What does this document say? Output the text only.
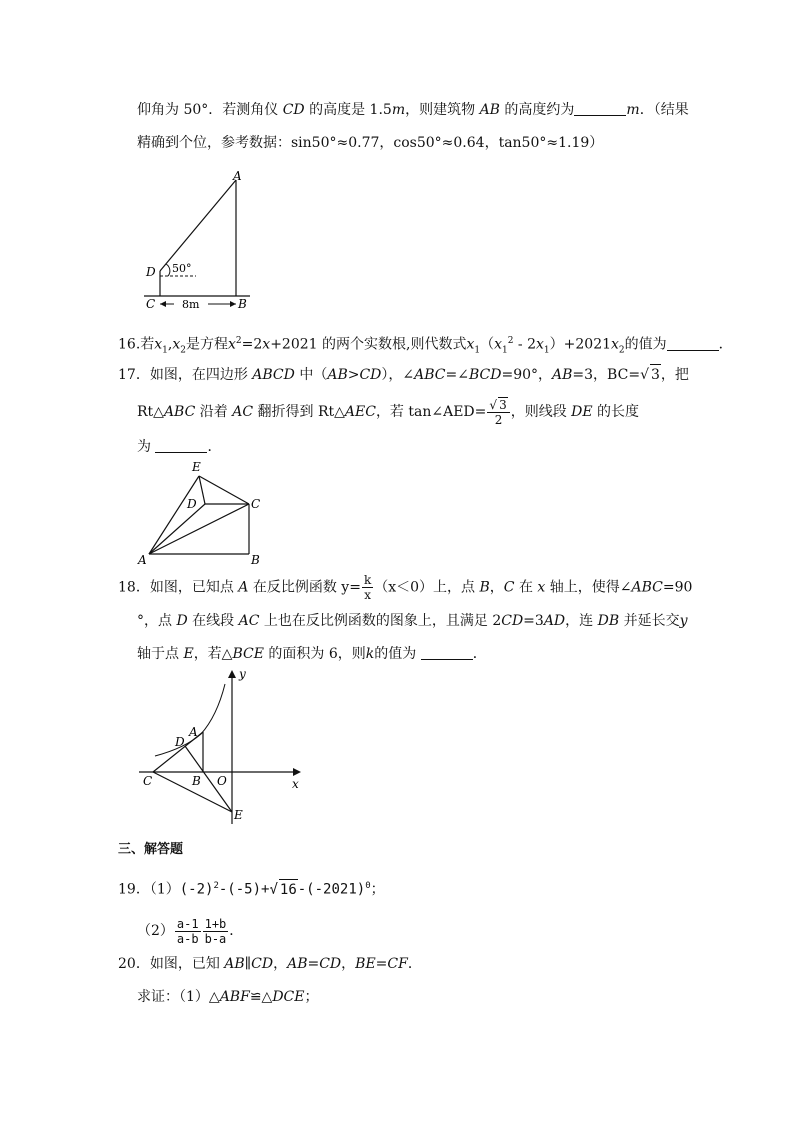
仰角为 50°．若测角仪 CD 的高度是 1.5m，则建筑物 AB 的高度约为	m．（结果
精确到个位，参考数据：sin50°≈0.77，cos50°≈0.64，tan50°≈1.19）
A
B
C
D 50°
8m
16.若$x_1,x_2$是方程$x^2=2x+2021$ 的两个实数根,则代数式$x_1(x_1^2 - 2x_1)+2021x_2$的值为	．
17．如图，在四边形 ABCD 中（AB>CD），∠ABC=∠BCD=90°，AB=3，BC=√ 3，把
Rt△ABC 沿着 AC 翻折得到 Rt△AEC，若 tan∠AED= $\frac{√ 3}{2}$ ，则线段 DE 的长度
为	．
E
D	C
A	B
18．如图，已知点 A 在反比例函数 $y= \frac{k}{x} (x<0)$上，点 B，C 在 x 轴上，使得∠ABC=90
°，点 D 在线段 AC 上也在反比例函数的图象上，且满足 2CD=3AD，连 DB 并延长交y
轴于点 E，若△BCE 的面积为 6，则k的值为	．
y
x
A
D
C	B O
E
三、解答题
19．$(1)(-2)^2-(-5)+√$ $16-(-2021)^0$；
$(2) \frac{a-1}{a-b} \frac{1+b}{b-a}$ ．
20．如图，已知 AB∥CD，AB=CD，BE=CF．
求证：（1）△ABF≌△DCE；
